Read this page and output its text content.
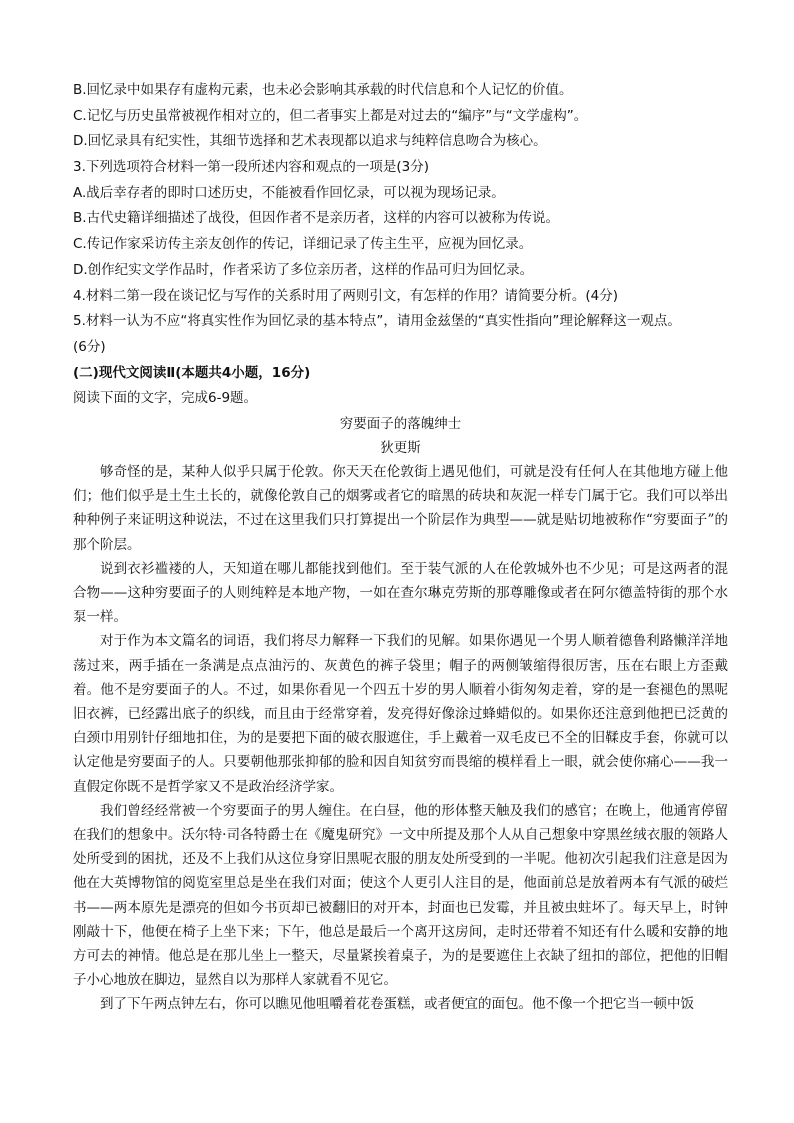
B.回忆录中如果存有虚构元素，也未必会影响其承载的时代信息和个人记忆的价值。
C.记忆与历史虽常被视作相对立的，但二者事实上都是对过去的“编序”与“文学虚构”。
D.回忆录具有纪实性，其细节选择和艺术表现都以追求与纯粹信息吻合为核心。
3.下列选项符合材料一第一段所述内容和观点的一项是(3分)
A.战后幸存者的即时口述历史，不能被看作回忆录，可以视为现场记录。
B.古代史籍详细描述了战役，但因作者不是亲历者，这样的内容可以被称为传说。
C.传记作家采访传主亲友创作的传记，详细记录了传主生平，应视为回忆录。
D.创作纪实文学作品时，作者采访了多位亲历者，这样的作品可归为回忆录。
4.材料二第一段在谈记忆与写作的关系时用了两则引文，有怎样的作用？请简要分析。(4分)
5.材料一认为不应“将真实性作为回忆录的基本特点”，请用金兹堡的“真实性指向”理论解释这一观点。
(6分)
(二)现代文阅读Ⅱ(本题共4小题，16分)
阅读下面的文字，完成6-9题。
穷要面子的落魄绅士
狄更斯

够奇怪的是，某种人似乎只属于伦敦。你天天在伦敦街上遇见他们，可就是没有任何人在其他地方碰上他们；他们似乎是土生土长的，就像伦敦自己的烟雾或者它的暗黑的砖块和灰泥一样专门属于它。我们可以举出种种例子来证明这种说法，不过在这里我们只打算提出一个阶层作为典型——就是贴切地被称作“穷要面子”的那个阶层。

说到衣衫褴褛的人，天知道在哪儿都能找到他们。至于装气派的人在伦敦城外也不少见；可是这两者的混合物——这种穷要面子的人则纯粹是本地产物，一如在查尔琳克劳斯的那尊雕像或者在阿尔德盖特街的那个水泵一样。

对于作为本文篇名的词语，我们将尽力解释一下我们的见解。如果你遇见一个男人顺着德鲁利路懒洋洋地荡过来，两手插在一条满是点点油污的、灰黄色的裤子袋里；帽子的两侧皱缩得很厉害，压在右眼上方歪戴着。他不是穷要面子的人。不过，如果你看见一个四五十岁的男人顺着小街匆匆走着，穿的是一套褪色的黑呢旧衣裤，已经露出底子的织线，而且由于经常穿着，发亮得好像涂过蜂蜡似的。如果你还注意到他把已泛黄的白颈巾用别针仔细地扣住，为的是要把下面的破衣服遮住，手上戴着一双毛皮已不全的旧鞣皮手套，你就可以认定他是穷要面子的人。只要朝他那张抑郁的脸和因自知贫穷而畏缩的模样看上一眼，就会使你痛心——我一直假定你既不是哲学家又不是政治经济学家。

我们曾经经常被一个穷要面子的男人缠住。在白昼，他的形体整天触及我们的感官；在晚上，他通宵停留在我们的想象中。沃尔特·司各特爵士在《魔鬼研究》一文中所提及那个人从自己想象中穿黑丝绒衣服的领路人处所受到的困扰，还及不上我们从这位身穿旧黑呢衣服的朋友处所受到的一半呢。他初次引起我们注意是因为他在大英博物馆的阅览室里总是坐在我们对面；使这个人更引人注目的是，他面前总是放着两本有气派的破烂书——两本原先是漂亮的但如今书页却已被翻旧的对开本，封面也已发霉，并且被虫蛀坏了。每天早上，时钟刚敲十下，他便在椅子上坐下来；下午，他总是最后一个离开这房间，走时还带着不知还有什么暖和安静的地方可去的神情。他总是在那儿坐上一整天，尽量紧挨着桌子，为的是要遮住上衣缺了纽扣的部位，把他的旧帽子小心地放在脚边，显然自以为那样人家就看不见它。

到了下午两点钟左右，你可以瞧见他咀嚼着花卷蛋糕，或者便宜的面包。他不像一个把它当一顿中饭
